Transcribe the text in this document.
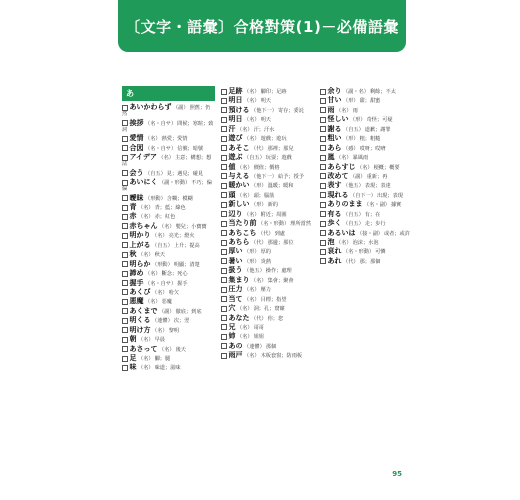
〔文字・語彙〕合格對策(1)－必備語彙
あ
あいかわらず （副）照舊；仍然
挨拶 （名・自サ）問候；寒暄；致詞
愛情 （名）熱愛；愛情
合図 （名・自サ）信號；暗號
アイデア （名）主意；構想；想法
会う （自五）見；遇見；碰見
あいにく （副・形動）不巧；偏偏
曖昧 （形動）含糊；模糊
青 （名）青；藍；綠色
赤 （名）赤；紅色
赤ちゃん （名）嬰兒；小寶寶
明かり （名）亮光；燈火
上がる （自五）上升；提高
秋 （名）秋天
明らか （形動）明顯；清楚
諦め （名）斷念；死心
握手 （名・自サ）握手
あくび （名）哈欠
悪魔 （名）惡魔
あくまで （副）徹底；到底
明くる （連體）次；翌
明け方 （名）黎明
朝 （名）早晨
あさって （名）後天
足 （名）腳；腿
味 （名）味道；滋味
足跡 （名）腳印；足跡
明日 （名）明天
預ける （他下一）寄存；委託
明日 （名）明天
汗 （名）汗；汗水
遊び （名）遊戲；遊玩
あそこ （代）那裡；那兒
遊ぶ （自五）玩耍；遊戲
値 （名）價值；價格
与える （他下一）給予；授予
暖かい （形）溫暖；暖和
頭 （名）頭；腦筋
新しい （形）新的
辺り （名）附近；周圍
当たり前 （名・形動）理所當然
あちこち （代）到處
あちら （代）那邊；那位
厚い （形）厚的
暑い （形）炎熱
扱う （他五）操作；處理
集まり （名）集會；聚會
圧力 （名）壓力
当て （名）目標；指望
穴 （名）洞；孔；窟窿
あなた （代）你；您
兄 （名）哥哥
姉 （名）姐姐
あの （連體）那個
雨戸 （名）木板套窗；防雨板
余り （副・名）剩餘；不太
甘い （形）甜；甜蜜
雨 （名）雨
怪しい （形）奇怪；可疑
謝る （自五）道歉；謝罪
粗い （形）粗；粗糙
あら （感）哎呀；哎唷
嵐 （名）暴風雨
あらすじ （名）梗概；概要
改めて （副）重新；再
表す （他五）表現；表達
現れる （自下一）出現；表現
ありのまま （名・副）據實
有る （自五）有；在
歩く （自五）走；步行
あるいは （接・副）或者；或許
泡 （名）泡沫；水泡
哀れ （名・形動）可憐
あれ （代）那；那個
95
